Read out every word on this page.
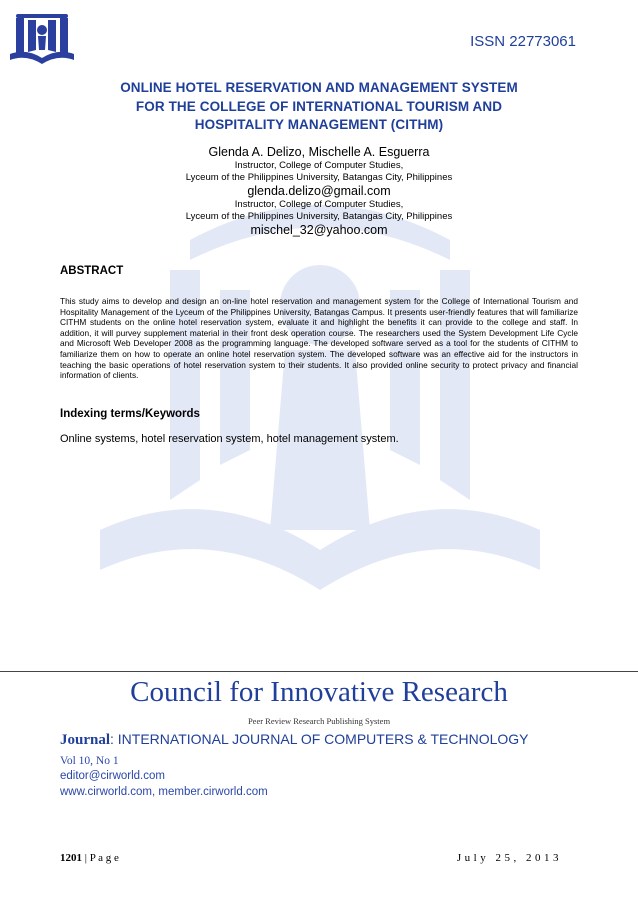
ISSN 22773061
ONLINE HOTEL RESERVATION AND MANAGEMENT SYSTEM
FOR THE COLLEGE OF INTERNATIONAL TOURISM AND
HOSPITALITY MANAGEMENT (CITHM)
Glenda A. Delizo, Mischelle A. Esguerra
Instructor, College of Computer Studies,
Lyceum of the Philippines University, Batangas City, Philippines
glenda.delizo@gmail.com
Instructor, College of Computer Studies,
Lyceum of the Philippines University, Batangas City, Philippines
mischel_32@yahoo.com
ABSTRACT
This study aims to develop and design an on-line hotel reservation and management system for the College of International Tourism and Hospitality Management of the Lyceum of the Philippines University, Batangas Campus. It presents user-friendly features that will familiarize CITHM students on the online hotel reservation system, evaluate it and highlight the benefits it can provide to the college and staff. In addition, it will purvey supplement material in their front desk operation course. The researchers used the System Development Life Cycle and Microsoft Web Developer 2008 as the programming language. The developed software served as a tool for the students of CITHM to familiarize them on how to operate an online hotel reservation system. The developed software was an effective aid for the instructors in teaching the basic operations of hotel reservation system to their students. It also provided online security to protect privacy and financial information of clients.
Indexing terms/Keywords
Online systems, hotel reservation system, hotel management system.
Council for Innovative Research
Peer Review Research Publishing System
Journal: INTERNATIONAL JOURNAL OF COMPUTERS & TECHNOLOGY
Vol 10, No 1
editor@cirworld.com
www.cirworld.com, member.cirworld.com
1201 | P a g e	July 25, 2013
